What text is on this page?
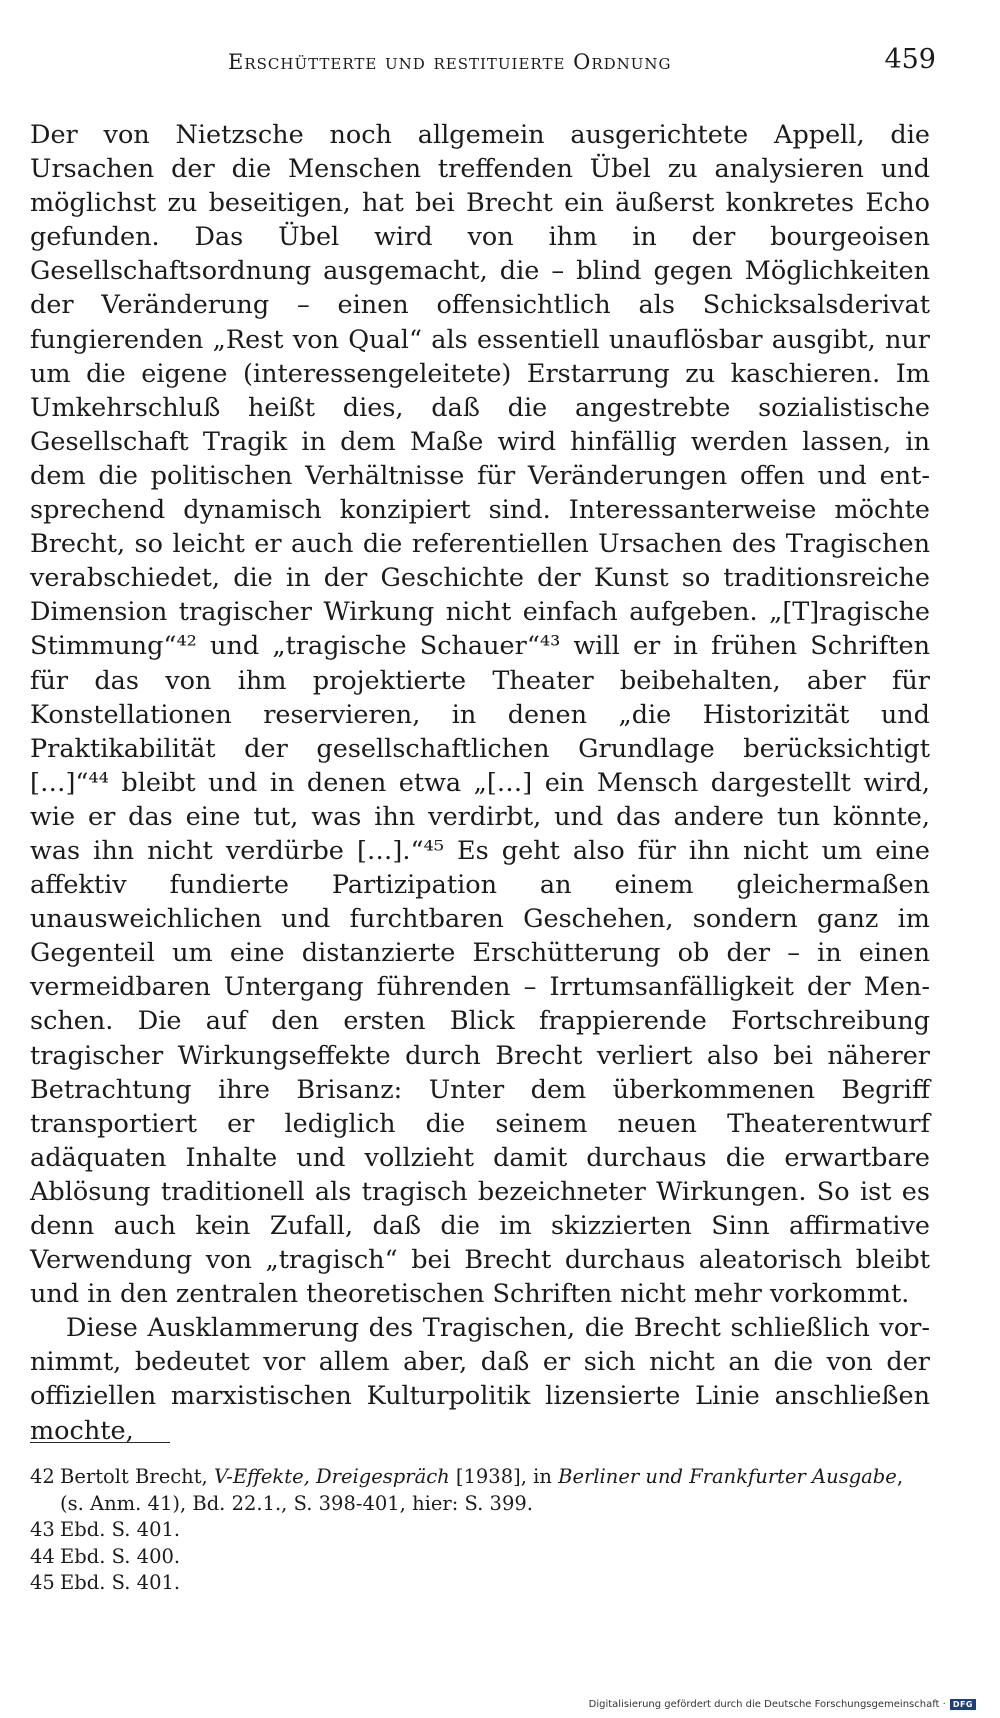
Erschütterte und restituierte Ordnung	459

Der von Nietzsche noch allgemein ausgerichtete Appell, die Ursachen der die Menschen treffenden Übel zu analysieren und möglichst zu beseitigen, hat bei Brecht ein äußerst konkretes Echo gefunden. Das Übel wird von ihm in der bourgeoisen Gesellschaftsordnung ausgemacht, die – blind gegen Möglichkeiten der Veränderung – einen offensichtlich als Schicksalsderivat fungierenden „Rest von Qual“ als essentiell unauflösbar ausgibt, nur um die eigene (interessengeleitete) Erstarrung zu kaschieren. Im Umkehrschluß heißt dies, daß die angestrebte sozialistische Gesellschaft Tragik in dem Maße wird hinfällig werden lassen, in dem die politischen Verhältnisse für Veränderungen offen und entsprechend dynamisch konzipiert sind. Interessanterweise möchte Brecht, so leicht er auch die referentiellen Ursachen des Tragischen verabschiedet, die in der Geschichte der Kunst so traditionsreiche Dimension tragischer Wirkung nicht einfach aufgeben. „[T]ragische Stimmung“⁴² und „tragische Schauer“⁴³ will er in frühen Schriften für das von ihm projektierte Theater beibehalten, aber für Konstellationen reservieren, in denen „die Historizität und Praktikabilität der gesellschaftlichen Grundlage berücksichtigt […]“⁴⁴ bleibt und in denen etwa „[…] ein Mensch dargestellt wird, wie er das eine tut, was ihn verdirbt, und das andere tun könnte, was ihn nicht verdürbe […].“⁴⁵ Es geht also für ihn nicht um eine affektiv fundierte Partizipation an einem gleichermaßen unausweichlichen und furchtbaren Geschehen, sondern ganz im Gegenteil um eine distanzierte Erschütterung ob der – in einen vermeidbaren Untergang führenden – Irrtumsanfälligkeit der Menschen. Die auf den ersten Blick frappierende Fortschreibung tragischer Wirkungseffekte durch Brecht verliert also bei näherer Betrachtung ihre Brisanz: Unter dem überkommenen Begriff transportiert er lediglich die seinem neuen Theaterentwurf adäquaten Inhalte und vollzieht damit durchaus die erwartbare Ablösung traditionell als tragisch bezeichneter Wirkungen. So ist es denn auch kein Zufall, daß die im skizzierten Sinn affirmative Verwendung von „tragisch“ bei Brecht durchaus aleatorisch bleibt und in den zentralen theoretischen Schriften nicht mehr vorkommt.

Diese Ausklammerung des Tragischen, die Brecht schließlich vornimmt, bedeutet vor allem aber, daß er sich nicht an die von der offiziellen marxistischen Kulturpolitik lizensierte Linie anschließen mochte,

42 Bertolt Brecht, V-Effekte, Dreigespräch [1938], in Berliner und Frankfurter Ausgabe, (s. Anm. 41), Bd. 22.1., S. 398-401, hier: S. 399.
43 Ebd. S. 401.
44 Ebd. S. 400.
45 Ebd. S. 401.
Digitalisierung gefördert durch die Deutsche Forschungsgemeinschaft · DFG
